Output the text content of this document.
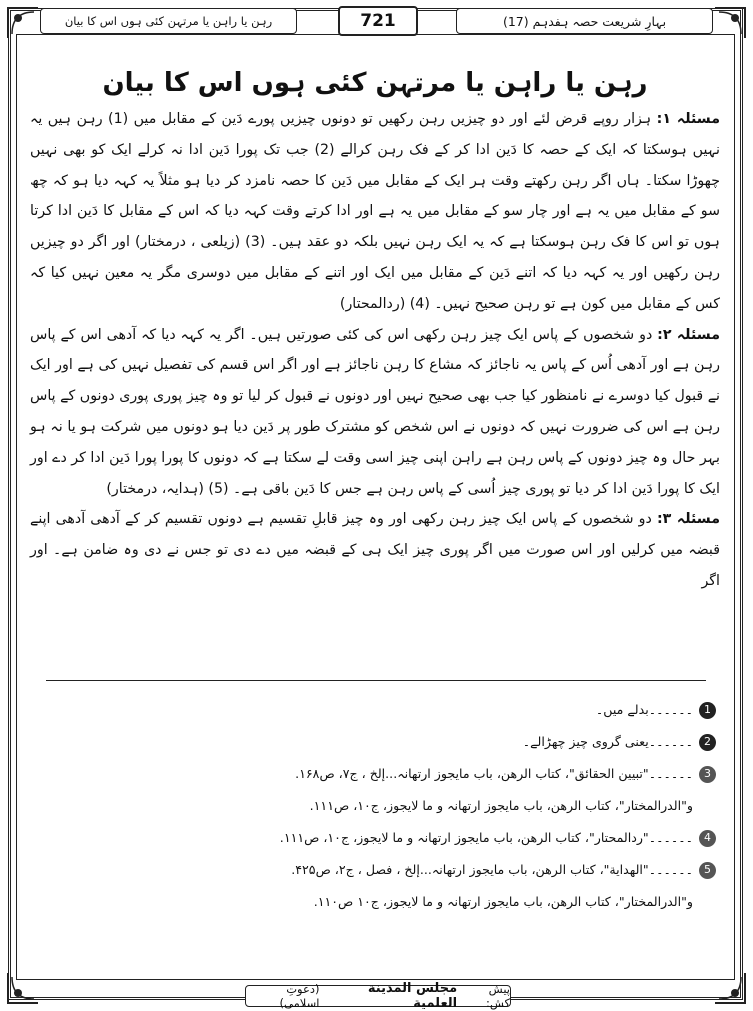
بہارِ شریعت حصہ ہفدہم (17)
721
رہن یا راہن یا مرتہن کئی ہوں اس کا بیان
رہن یا راہن یا مرتہن کئی ہوں اس کا بیان

مسئلہ ۱: ہزار روپے قرض لئے اور دو چیزیں رہن رکھیں تو دونوں چیزیں پورے دَین کے مقابل میں (1) رہن ہیں یہ نہیں ہوسکتا کہ ایک کے حصہ کا دَین ادا کر کے فک رہن کرالے (2) جب تک پورا دَین ادا نہ کرلے ایک کو بھی نہیں چھوڑا سکتا۔ ہاں اگر رہن رکھتے وقت ہر ایک کے مقابل میں دَین کا حصہ نامزد کر دیا ہو مثلاً یہ کہہ دیا ہو کہ چھ سو کے مقابل میں یہ ہے اور چار سو کے مقابل میں یہ ہے اور ادا کرتے وقت کہہ دیا کہ اس کے مقابل کا دَین ادا کرتا ہوں تو اس کا فک رہن ہوسکتا ہے کہ یہ ایک رہن نہیں بلکہ دو عقد ہیں۔ (3) (زیلعی ، درمختار) اور اگر دو چیزیں رہن رکھیں اور یہ کہہ دیا کہ اتنے دَین کے مقابل میں ایک اور اتنے کے مقابل میں دوسری مگر یہ معین نہیں کیا کہ کس کے مقابل میں کون ہے تو رہن صحیح نہیں۔ (4) (ردالمحتار)

مسئلہ ۲: دو شخصوں کے پاس ایک چیز رہن رکھی اس کی کئی صورتیں ہیں۔ اگر یہ کہہ دیا کہ آدھی اس کے پاس رہن ہے اور آدھی اُس کے پاس یہ ناجائز کہ مشاع کا رہن ناجائز ہے اور اگر اس قسم کی تفصیل نہیں کی ہے اور ایک نے قبول کیا دوسرے نے نامنظور کیا جب بھی صحیح نہیں اور دونوں نے قبول کر لیا تو وہ چیز پوری پوری دونوں کے پاس رہن ہے اس کی ضرورت نہیں کہ دونوں نے اس شخص کو مشترک طور پر دَین دیا ہو دونوں میں شرکت ہو یا نہ ہو بہر حال وہ چیز دونوں کے پاس رہن ہے راہن اپنی چیز اسی وقت لے سکتا ہے کہ دونوں کا پورا پورا دَین ادا کر دے اور ایک کا پورا دَین ادا کر دیا تو پوری چیز اُسی کے پاس رہن ہے جس کا دَین باقی ہے۔ (5) (ہدایہ، درمختار)

مسئلہ ۳: دو شخصوں کے پاس ایک چیز رہن رکھی اور وہ چیز قابلِ تقسیم ہے دونوں تقسیم کر کے آدھی آدھی اپنے قبضہ میں کرلیں اور اس صورت میں اگر پوری چیز ایک ہی کے قبضہ میں دے دی تو جس نے دی وہ ضامن ہے۔ اور اگر

1
۔۔۔۔۔۔بدلے میں۔
2
۔۔۔۔۔۔یعنی گروی چیز چھڑالے۔
3
۔۔۔۔۔۔"تبیین الحقائق"، کتاب الرھن، باب مایجوز ارتھانہ...إلخ ، ج۷، ص۱۶۸.
و"الدرالمختار"، کتاب الرھن، باب مایجوز ارتھانہ و ما لایجوز، ج۱۰، ص۱۱۱.
4
۔۔۔۔۔۔"ردالمحتار"، کتاب الرھن، باب مایجوز ارتھانہ و ما لایجوز، ج۱۰، ص۱۱۱.
5
۔۔۔۔۔۔"الهداية"، کتاب الرھن، باب مایجوز ارتھانہ...إلخ ، فصل ، ج۲، ص۴۲۵.
و"الدرالمختار"، کتاب الرھن، باب مایجوز ارتھانہ و ما لایجوز، ج۱۰ ص۱۱۰.
پیش کش:
مجلس المدينة العلمية
(دعوتِ اسلامی)
